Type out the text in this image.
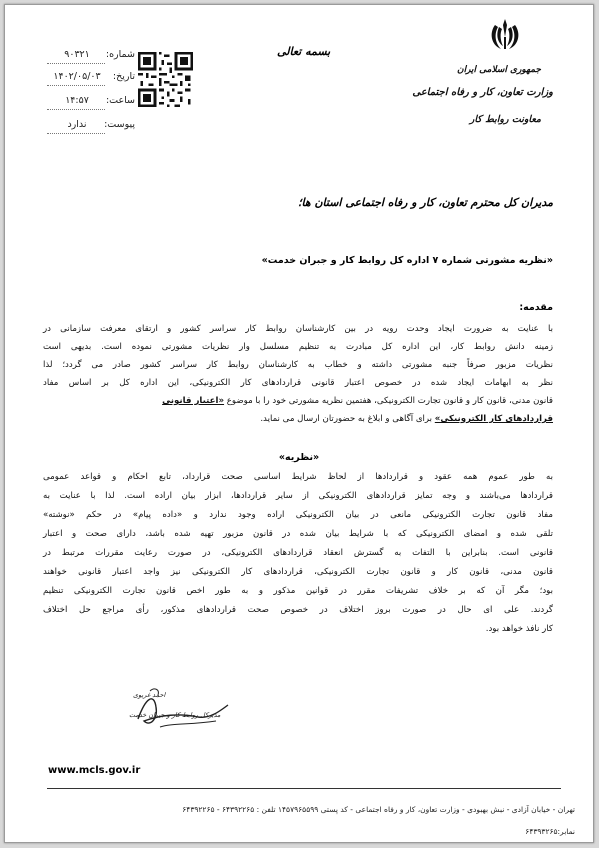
شماره:
۹۰۳۲۱
تاریخ:
۱۴۰۲/۰۵/۰۳
ساعت:
۱۴:۵۷
پیوست:
ندارد
بسمه تعالی
جمهوری اسلامی ایران
وزارت تعاون، کار و رفاه اجتماعی
معاونت روابط کار
مدیران کل محترم تعاون، کار و رفاه اجتماعی استان ها؛
«نظریه مشورتی شماره ۷ اداره کل روابط کار و جبران خدمت»
مقدمه:
با عنایت به ضرورت ایجاد وحدت رویه در بین کارشناسان روابط کار سراسر کشور و ارتقای معرفت سازمانی در
زمینه دانش روابط کار، این اداره کل مبادرت به تنظیم مسلسل وار نظریات مشورتی نموده است. بدیهی است
نظریات مزبور صرفاً جنبه مشورتی داشته و خطاب به کارشناسان روابط کار سراسر کشور صادر می گردد؛ لذا
نظر به ابهامات ایجاد شده در خصوص اعتبار قانونی قراردادهای کار الکترونیکی، این اداره کل بر اساس مفاد
قانون مدنی، قانون کار و قانون تجارت الکترونیکی، هفتمین نظریه مشورتی خود را با موضوع «اعتبار قانونی
قراردادهای کار الکترونیکی» برای آگاهی و ابلاغ به حضورتان ارسال می نماید.
«نظریه»
به طور عموم همه عقود و قراردادها از لحاظ شرایط اساسی صحت قرارداد، تابع احکام و قواعد عمومی
قراردادها می‌باشند و وجه تمایز قراردادهای الکترونیکی از سایر قراردادها، ابزار بیان اراده است. لذا با عنایت به
مفاد قانون تجارت الکترونیکی مانعی در بیان الکترونیکی اراده وجود ندارد و «داده پیام» در حکم «نوشته»
تلقی شده و امضای الکترونیکی که با شرایط بیان شده در قانون مزبور تهیه شده باشد، دارای صحت و اعتبار
قانونی است. بنابراین با التفات به گسترش انعقاد قراردادهای الکترونیکی، در صورت رعایت مقررات مرتبط در
قانون مدنی، قانون کار و قانون تجارت الکترونیکی، قراردادهای کار الکترونیکی نیز واجد اعتبار قانونی خواهند
بود؛ مگر آن که بر خلاف تشریفات مقرر در قوانین مذکور و به طور اخص قانون تجارت الکترونیکی تنظیم
گردند. علی ای حال در صورت بروز اختلاف در خصوص صحت قراردادهای مذکور، رأی مراجع حل اختلاف
کار نافذ خواهد بود.
احمد غریوی
مدیرکل روابط کار و جبران خدمت
www.mcls.gov.ir
تهران - خیابان آزادی - نبش بهبودی - وزارت تعاون، کار و رفاه اجتماعی - کد پستی ۱۴۵۷۹۶۵۵۹۹ تلفن : ۶۴۳۹۲۲۶۵ - ۶۴۳۹۲۲۶۵
نمابر:۶۴۳۹۳۲۶۵
